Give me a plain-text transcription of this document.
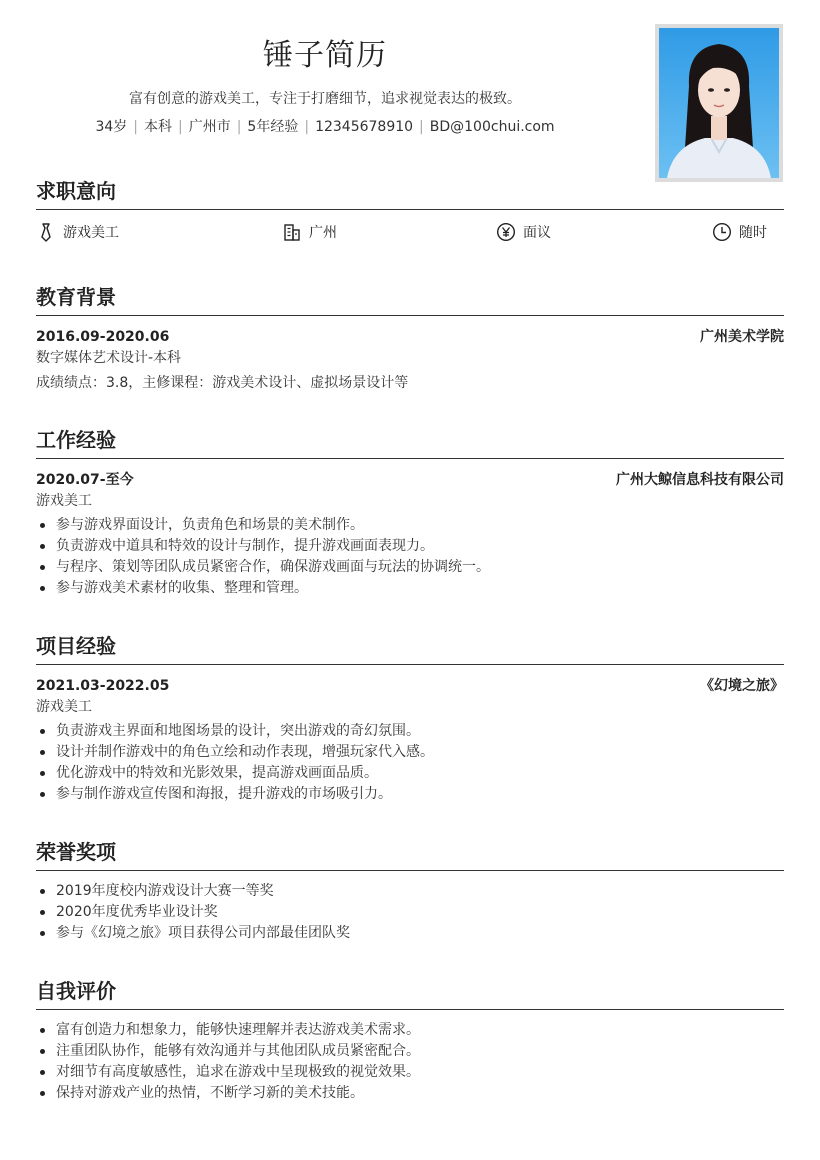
锤子简历
富有创意的游戏美工，专注于打磨细节，追求视觉表达的极致。
34岁 | 本科 | 广州市 | 5年经验 | 12345678910 | BD@100chui.com
求职意向
游戏美工	广州	面议	随时
教育背景
2016.09-2020.06	广州美术学院
数字媒体艺术设计-本科
成绩绩点：3.8，主修课程：游戏美术设计、虚拟场景设计等
工作经验
2020.07-至今	广州大鲸信息科技有限公司
游戏美工
参与游戏界面设计，负责角色和场景的美术制作。
负责游戏中道具和特效的设计与制作，提升游戏画面表现力。
与程序、策划等团队成员紧密合作，确保游戏画面与玩法的协调统一。
参与游戏美术素材的收集、整理和管理。
项目经验
2021.03-2022.05	《幻境之旅》
游戏美工
负责游戏主界面和地图场景的设计，突出游戏的奇幻氛围。
设计并制作游戏中的角色立绘和动作表现，增强玩家代入感。
优化游戏中的特效和光影效果，提高游戏画面品质。
参与制作游戏宣传图和海报，提升游戏的市场吸引力。
荣誉奖项
2019年度校内游戏设计大赛一等奖
2020年度优秀毕业设计奖
参与《幻境之旅》项目获得公司内部最佳团队奖
自我评价
富有创造力和想象力，能够快速理解并表达游戏美术需求。
注重团队协作，能够有效沟通并与其他团队成员紧密配合。
对细节有高度敏感性，追求在游戏中呈现极致的视觉效果。
保持对游戏产业的热情，不断学习新的美术技能。
